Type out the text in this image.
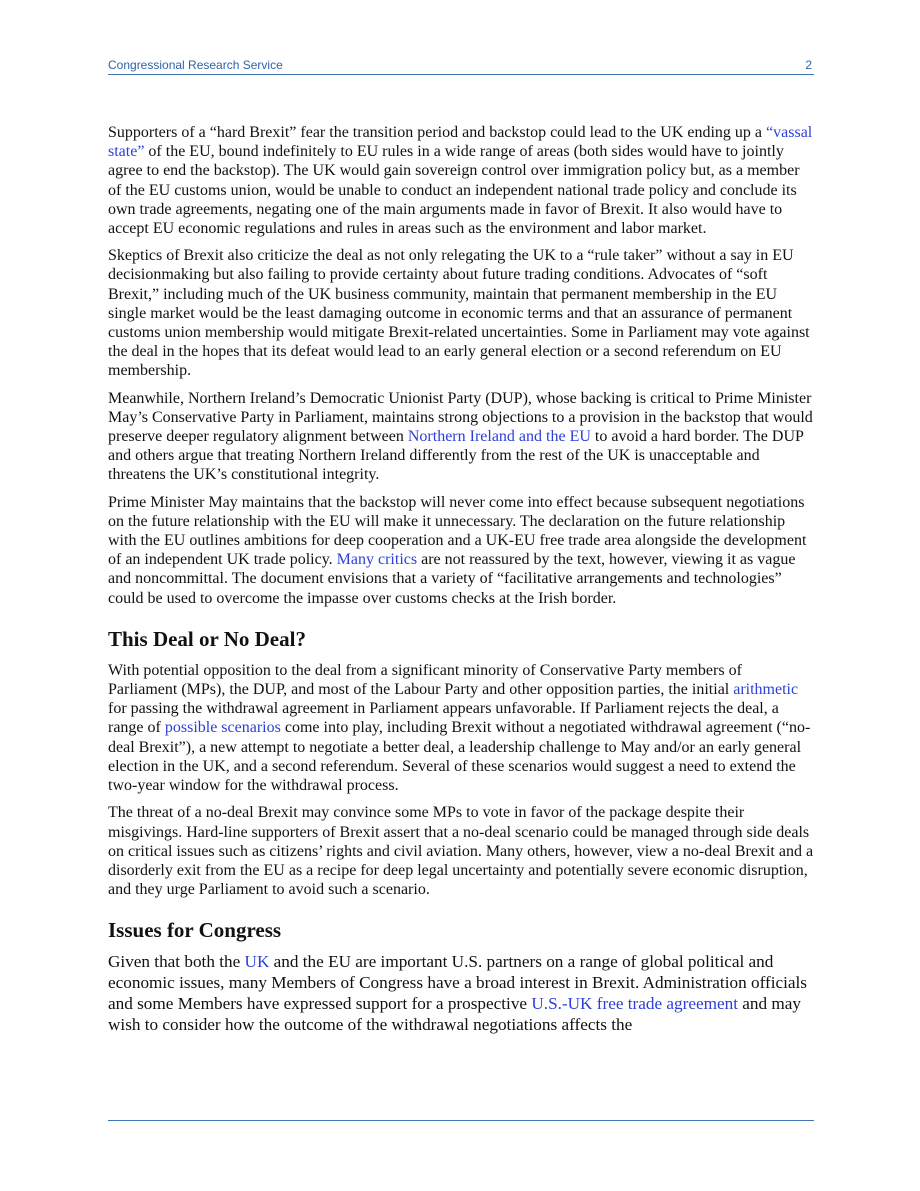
Congressional Research Service	2

Supporters of a “hard Brexit” fear the transition period and backstop could lead to the UK ending up a “vassal state” of the EU, bound indefinitely to EU rules in a wide range of areas (both sides would have to jointly agree to end the backstop). The UK would gain sovereign control over immigration policy but, as a member of the EU customs union, would be unable to conduct an independent national trade policy and conclude its own trade agreements, negating one of the main arguments made in favor of Brexit. It also would have to accept EU economic regulations and rules in areas such as the environment and labor market.

Skeptics of Brexit also criticize the deal as not only relegating the UK to a “rule taker” without a say in EU decisionmaking but also failing to provide certainty about future trading conditions. Advocates of “soft Brexit,” including much of the UK business community, maintain that permanent membership in the EU single market would be the least damaging outcome in economic terms and that an assurance of permanent customs union membership would mitigate Brexit-related uncertainties. Some in Parliament may vote against the deal in the hopes that its defeat would lead to an early general election or a second referendum on EU membership.

Meanwhile, Northern Ireland’s Democratic Unionist Party (DUP), whose backing is critical to Prime Minister May’s Conservative Party in Parliament, maintains strong objections to a provision in the backstop that would preserve deeper regulatory alignment between Northern Ireland and the EU to avoid a hard border. The DUP and others argue that treating Northern Ireland differently from the rest of the UK is unacceptable and threatens the UK’s constitutional integrity.

Prime Minister May maintains that the backstop will never come into effect because subsequent negotiations on the future relationship with the EU will make it unnecessary. The declaration on the future relationship with the EU outlines ambitions for deep cooperation and a UK-EU free trade area alongside the development of an independent UK trade policy. Many critics are not reassured by the text, however, viewing it as vague and noncommittal. The document envisions that a variety of “facilitative arrangements and technologies” could be used to overcome the impasse over customs checks at the Irish border.

This Deal or No Deal?

With potential opposition to the deal from a significant minority of Conservative Party members of Parliament (MPs), the DUP, and most of the Labour Party and other opposition parties, the initial arithmetic for passing the withdrawal agreement in Parliament appears unfavorable. If Parliament rejects the deal, a range of possible scenarios come into play, including Brexit without a negotiated withdrawal agreement (“no-deal Brexit”), a new attempt to negotiate a better deal, a leadership challenge to May and/or an early general election in the UK, and a second referendum. Several of these scenarios would suggest a need to extend the two-year window for the withdrawal process.

The threat of a no-deal Brexit may convince some MPs to vote in favor of the package despite their misgivings. Hard-line supporters of Brexit assert that a no-deal scenario could be managed through side deals on critical issues such as citizens’ rights and civil aviation. Many others, however, view a no-deal Brexit and a disorderly exit from the EU as a recipe for deep legal uncertainty and potentially severe economic disruption, and they urge Parliament to avoid such a scenario.

Issues for Congress

Given that both the UK and the EU are important U.S. partners on a range of global political and economic issues, many Members of Congress have a broad interest in Brexit. Administration officials and some Members have expressed support for a prospective U.S.-UK free trade agreement and may wish to consider how the outcome of the withdrawal negotiations affects the
